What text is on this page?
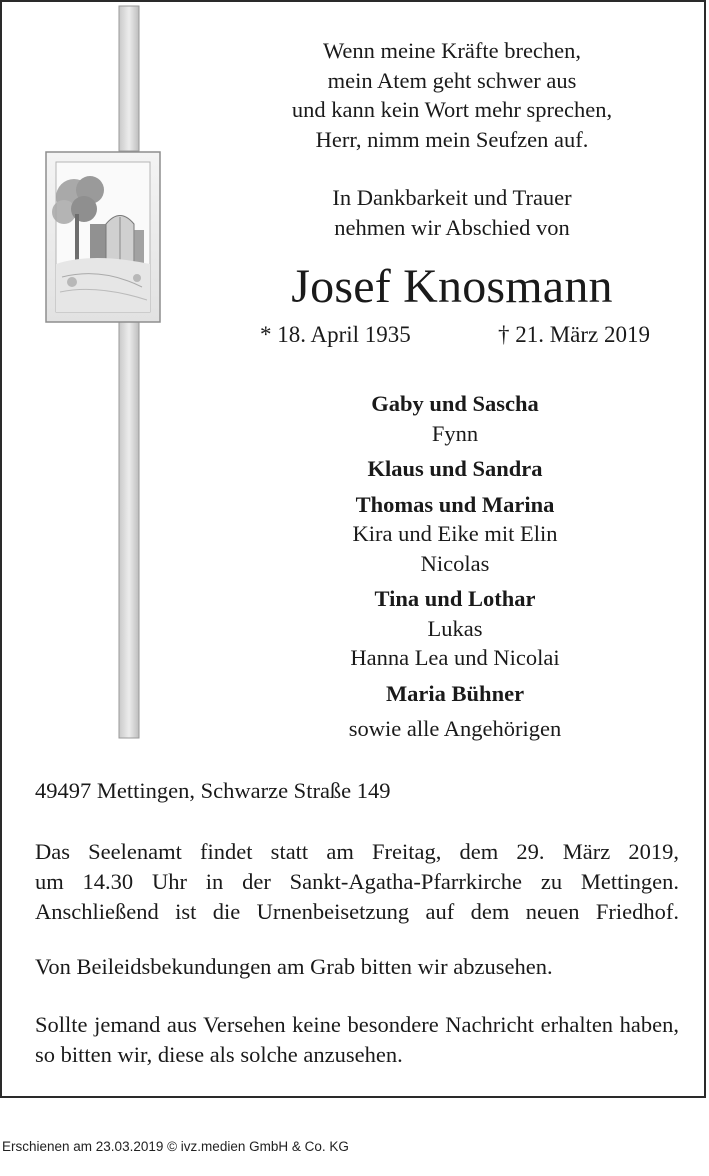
Wenn meine Kräfte brechen,
mein Atem geht schwer aus
und kann kein Wort mehr sprechen,
Herr, nimm mein Seufzen auf.
In Dankbarkeit und Trauer
nehmen wir Abschied von
Josef Knosmann
* 18. April 1935	† 21. März 2019
Gaby und Sascha
Fynn
Klaus und Sandra
Thomas und Marina
Kira und Eike mit Elin
Nicolas
Tina und Lothar
Lukas
Hanna Lea und Nicolai
Maria Bühner
sowie alle Angehörigen
49497 Mettingen, Schwarze Straße 149
Das Seelenamt findet statt am Freitag, dem 29. März 2019,
um 14.30 Uhr in der Sankt-Agatha-Pfarrkirche zu Mettingen.
Anschließend ist die Urnenbeisetzung auf dem neuen Friedhof.
Von Beileidsbekundungen am Grab bitten wir abzusehen.
Sollte jemand aus Versehen keine besondere Nachricht erhalten haben, so bitten wir, diese als solche anzusehen.
Erschienen am 23.03.2019 © ivz.medien GmbH & Co. KG
